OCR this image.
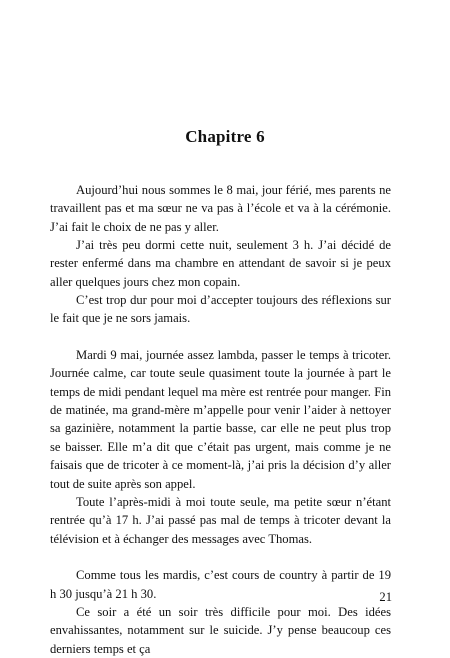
Chapitre 6

Aujourd’hui nous sommes le 8 mai, jour férié, mes parents ne travaillent pas et ma sœur ne va pas à l’école et va à la cérémonie. J’ai fait le choix de ne pas y aller.

J’ai très peu dormi cette nuit, seulement 3 h. J’ai décidé de rester enfermé dans ma chambre en attendant de savoir si je peux aller quelques jours chez mon copain.

C’est trop dur pour moi d’accepter toujours des réflexions sur le fait que je ne sors jamais.

Mardi 9 mai, journée assez lambda, passer le temps à tricoter. Journée calme, car toute seule quasiment toute la journée à part le temps de midi pendant lequel ma mère est rentrée pour manger. Fin de matinée, ma grand-mère m’appelle pour venir l’aider à nettoyer sa gazinière, notamment la partie basse, car elle ne peut plus trop se baisser. Elle m’a dit que c’était pas urgent, mais comme je ne faisais que de tricoter à ce moment-là, j’ai pris la décision d’y aller tout de suite après son appel.

Toute l’après-midi à moi toute seule, ma petite sœur n’étant rentrée qu’à 17 h. J’ai passé pas mal de temps à tricoter devant la télévision et à échanger des messages avec Thomas.

Comme tous les mardis, c’est cours de country à partir de 19 h 30 jusqu’à 21 h 30.

Ce soir a été un soir très difficile pour moi. Des idées envahissantes, notamment sur le suicide. J’y pense beaucoup ces derniers temps et ça

21
